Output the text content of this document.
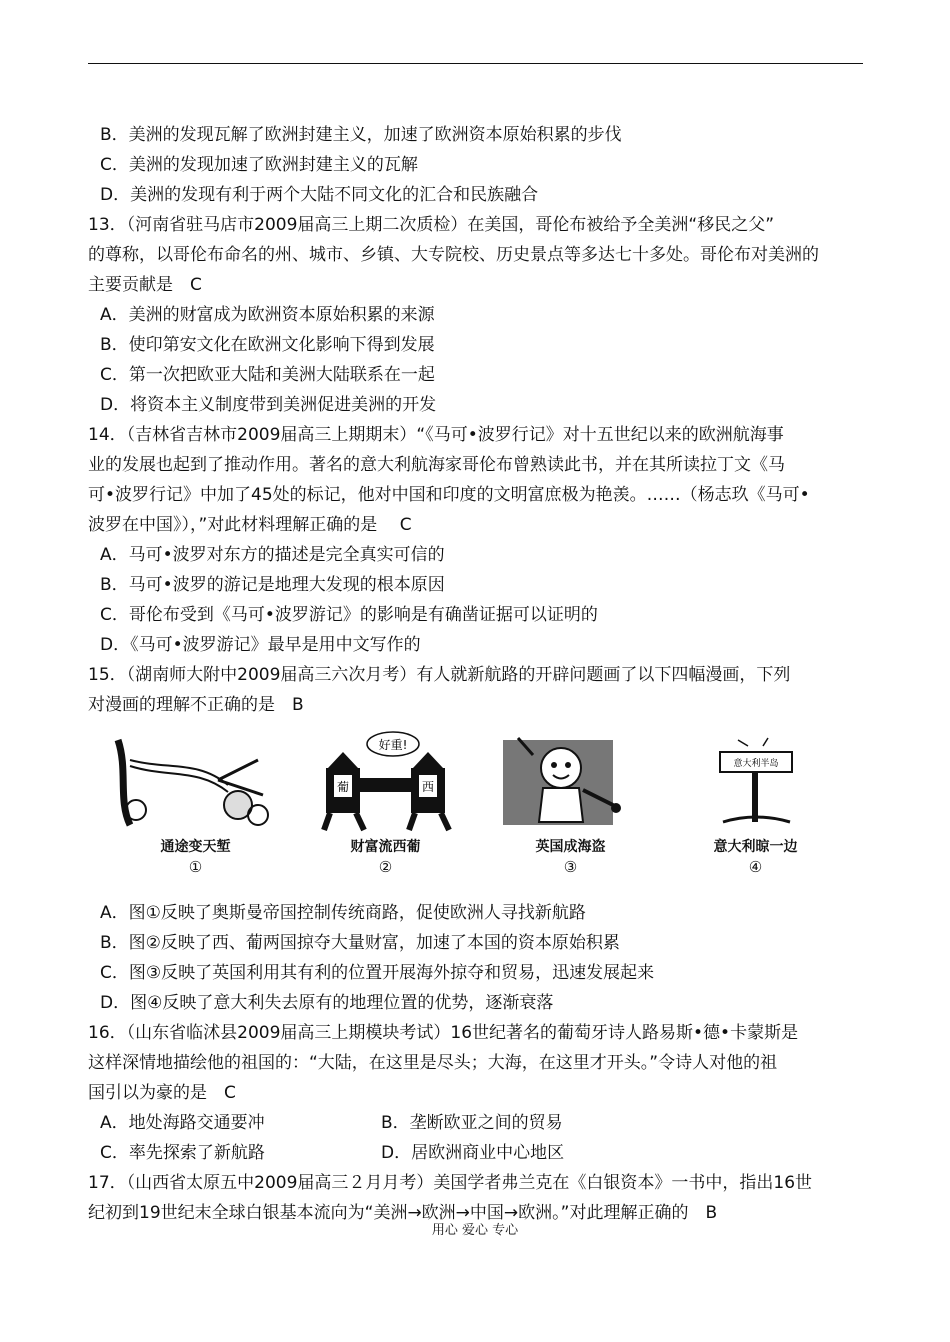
B．美洲的发现瓦解了欧洲封建主义，加速了欧洲资本原始积累的步伐
C．美洲的发现加速了欧洲封建主义的瓦解
D．美洲的发现有利于两个大陆不同文化的汇合和民族融合
13．（河南省驻马店市2009届高三上期二次质检）在美国，哥伦布被给予全美洲“移民之父”
的尊称，以哥伦布命名的州、城市、乡镇、大专院校、历史景点等多达七十多处。哥伦布对美洲的
主要贡献是　C
A．美洲的财富成为欧洲资本原始积累的来源
B．使印第安文化在欧洲文化影响下得到发展
C．第一次把欧亚大陆和美洲大陆联系在一起
D．将资本主义制度带到美洲促进美洲的开发
14．（吉林省吉林市2009届高三上期期末）“《马可•波罗行记》对十五世纪以来的欧洲航海事
业的发展也起到了推动作用。著名的意大利航海家哥伦布曾熟读此书，并在其所读拉丁文《马
可•波罗行记》中加了45处的标记，他对中国和印度的文明富庶极为艳羡。……（杨志玖《马可•
波罗在中国》），”对此材料理解正确的是　 C
A．马可•波罗对东方的描述是完全真实可信的
B．马可•波罗的游记是地理大发现的根本原因
C．哥伦布受到《马可•波罗游记》的影响是有确凿证据可以证明的
D．《马可•波罗游记》最早是用中文写作的
15．（湖南师大附中2009届高三六次月考）有人就新航路的开辟问题画了以下四幅漫画，下列
对漫画的理解不正确的是　B
通途变天堑
①
好重!
葡	西
财富流西葡
②
英国成海盗
③
意大利半岛
意大利晾一边
④
A．图①反映了奥斯曼帝国控制传统商路，促使欧洲人寻找新航路
B．图②反映了西、葡两国掠夺大量财富，加速了本国的资本原始积累
C．图③反映了英国利用其有利的位置开展海外掠夺和贸易，迅速发展起来
D．图④反映了意大利失去原有的地理位置的优势，逐渐衰落
16．（山东省临沭县2009届高三上期模块考试）16世纪著名的葡萄牙诗人路易斯•德•卡蒙斯是
这样深情地描绘他的祖国的：“大陆，在这里是尽头；大海，在这里才开头。”令诗人对他的祖
国引以为豪的是　C
A．地处海路交通要冲	B．垄断欧亚之间的贸易
C．率先探索了新航路	D．居欧洲商业中心地区
17．（山西省太原五中2009届高三２月月考）美国学者弗兰克在《白银资本》一书中，指出16世
纪初到19世纪末全球白银基本流向为“美洲→欧洲→中国→欧洲。”对此理解正确的　B
用心 爱心 专心
